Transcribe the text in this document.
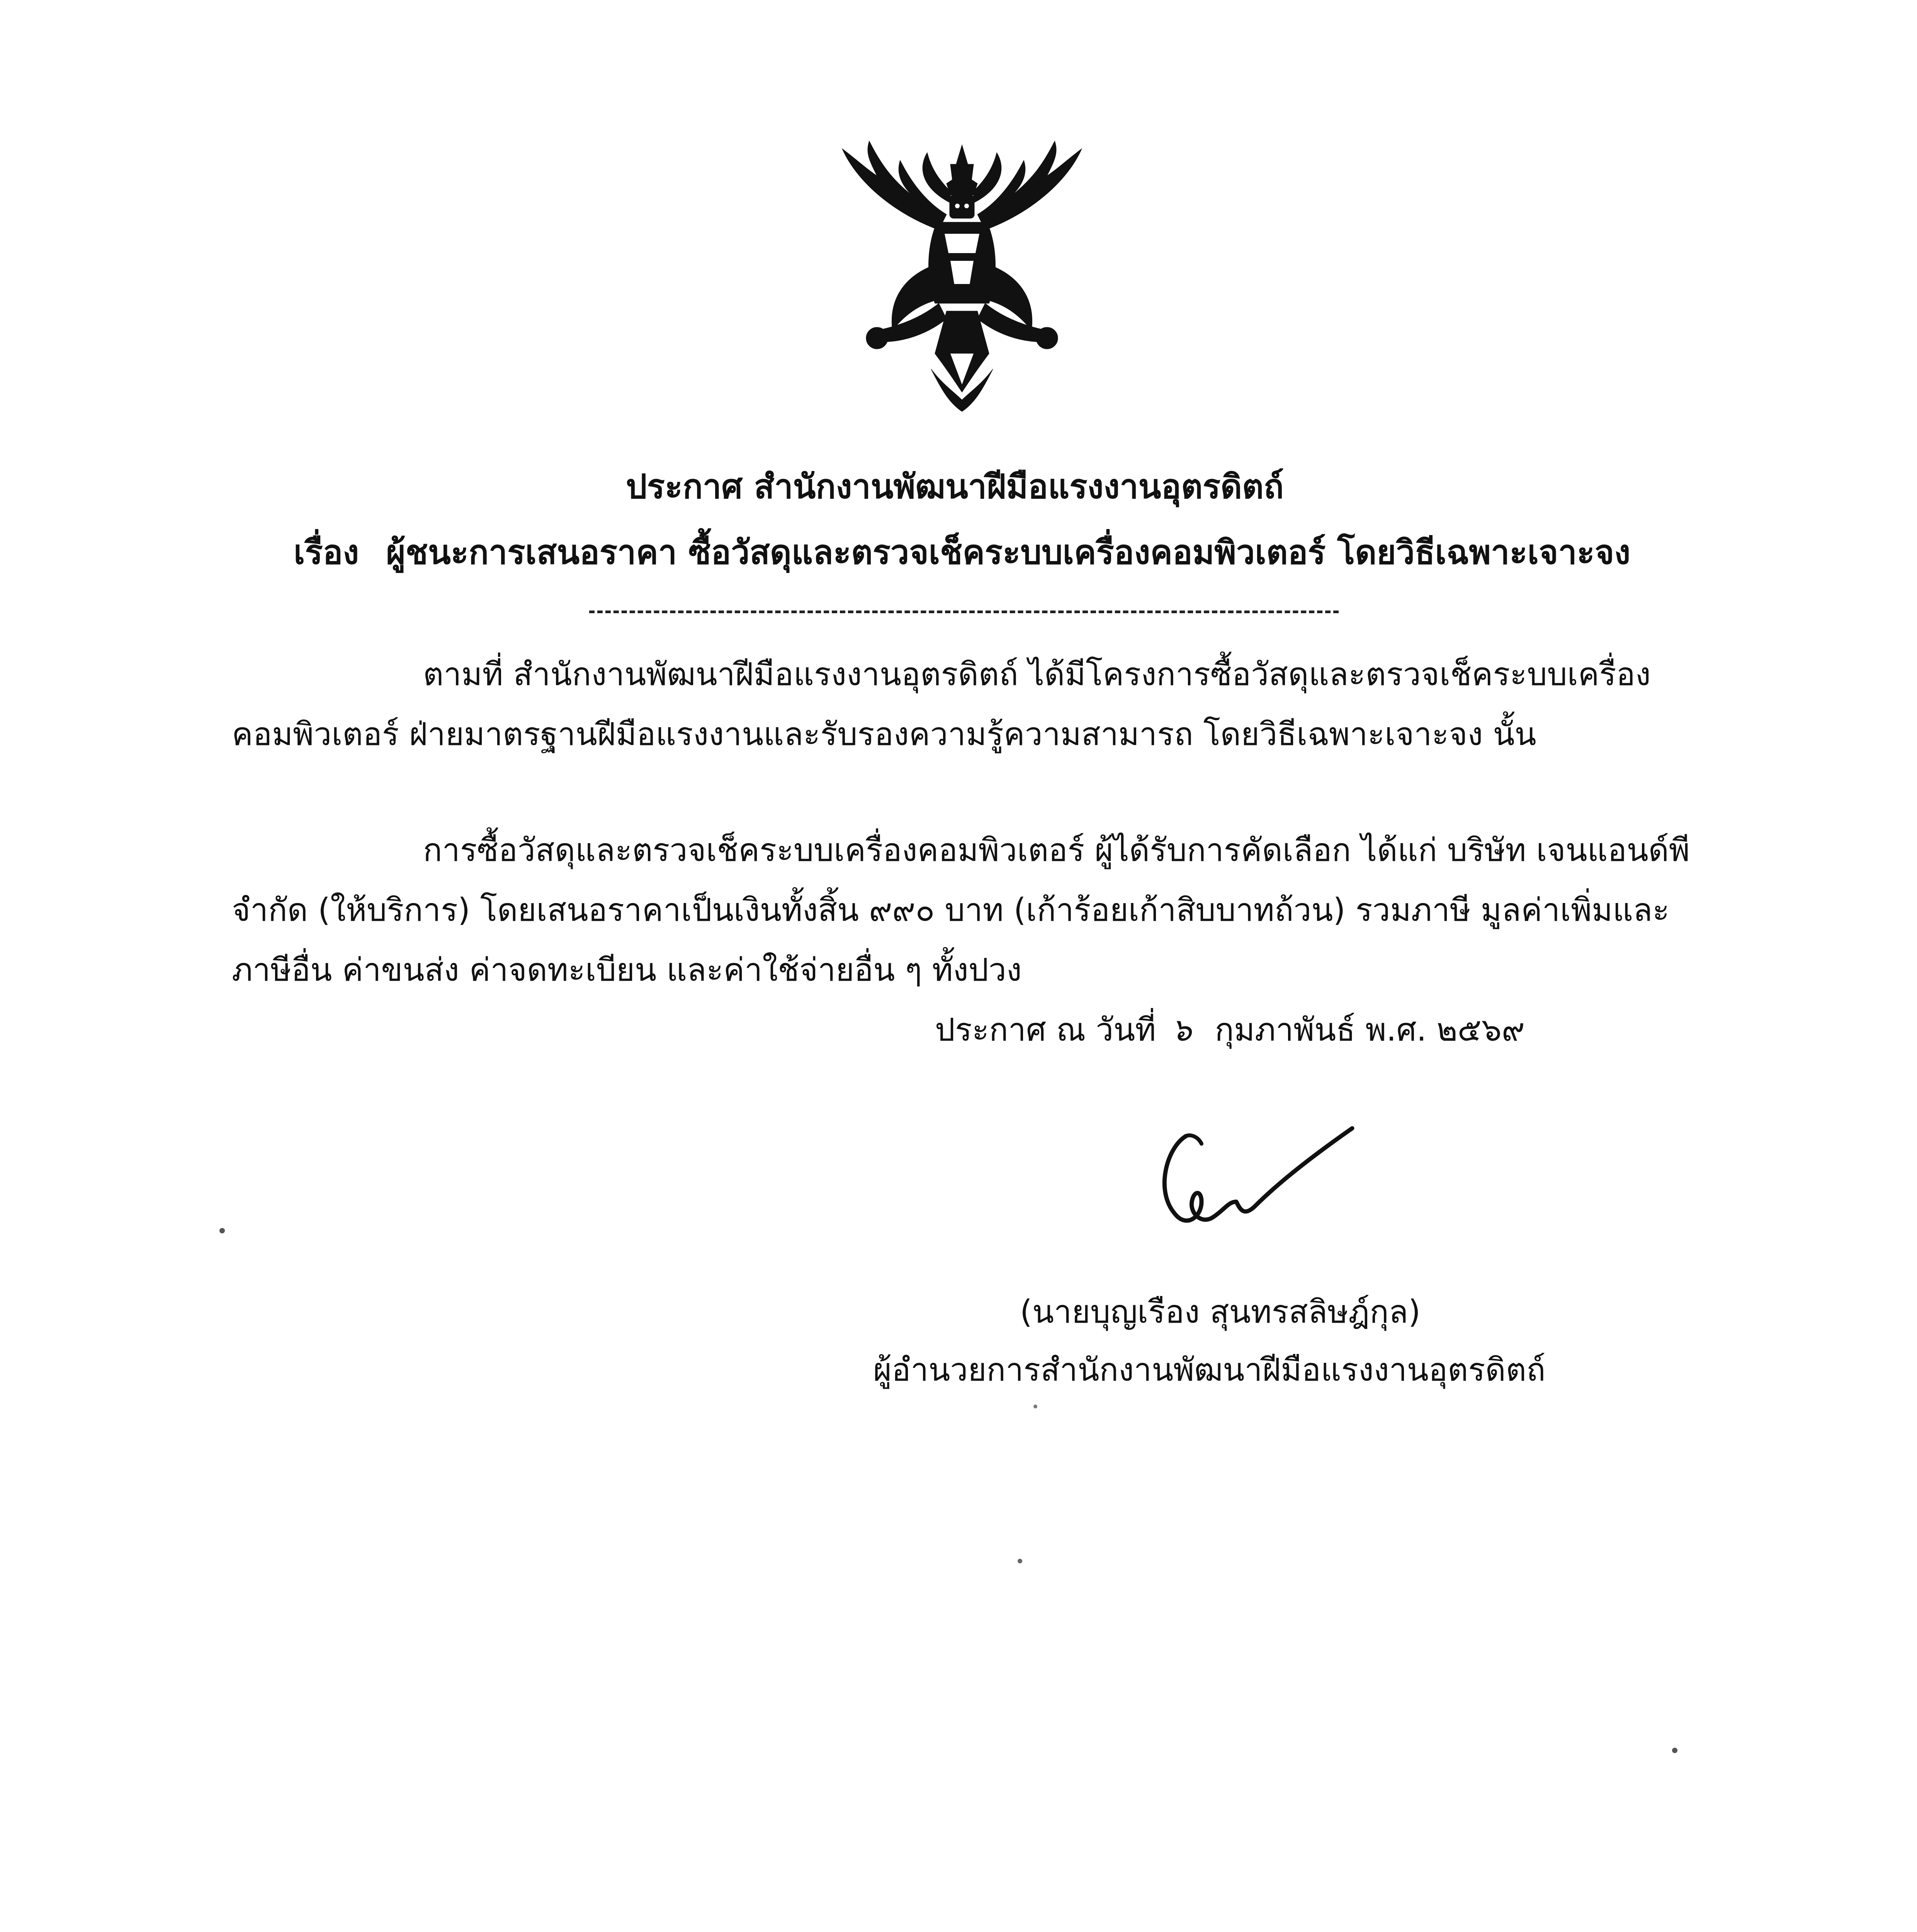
ประกาศ สำนักงานพัฒนาฝีมือแรงงานอุตรดิตถ์
เรื่อง ผู้ชนะการเสนอราคา ซื้อวัสดุและตรวจเช็คระบบเครื่องคอมพิวเตอร์ โดยวิธีเฉพาะเจาะจง
ตามที่ สำนักงานพัฒนาฝีมือแรงงานอุตรดิตถ์ ได้มีโครงการซื้อวัสดุและตรวจเช็คระบบเครื่อง
คอมพิวเตอร์ ฝ่ายมาตรฐานฝีมือแรงงานและรับรองความรู้ความสามารถ โดยวิธีเฉพาะเจาะจง นั้น
การซื้อวัสดุและตรวจเช็คระบบเครื่องคอมพิวเตอร์ ผู้ได้รับการคัดเลือก ได้แก่ บริษัท เจนแอนด์พี
จำกัด (ให้บริการ) โดยเสนอราคาเป็นเงินทั้งสิ้น ๙๙๐ บาท (เก้าร้อยเก้าสิบบาทถ้วน) รวมภาษี มูลค่าเพิ่มและ
ภาษีอื่น ค่าขนส่ง ค่าจดทะเบียน และค่าใช้จ่ายอื่น ๆ ทั้งปวง
ประกาศ ณ วันที่ ๖ กุมภาพันธ์ พ.ศ. ๒๕๖๙
(นายบุญเรือง สุนทรสลิษฎ์กุล)
ผู้อำนวยการสำนักงานพัฒนาฝีมือแรงงานอุตรดิตถ์
